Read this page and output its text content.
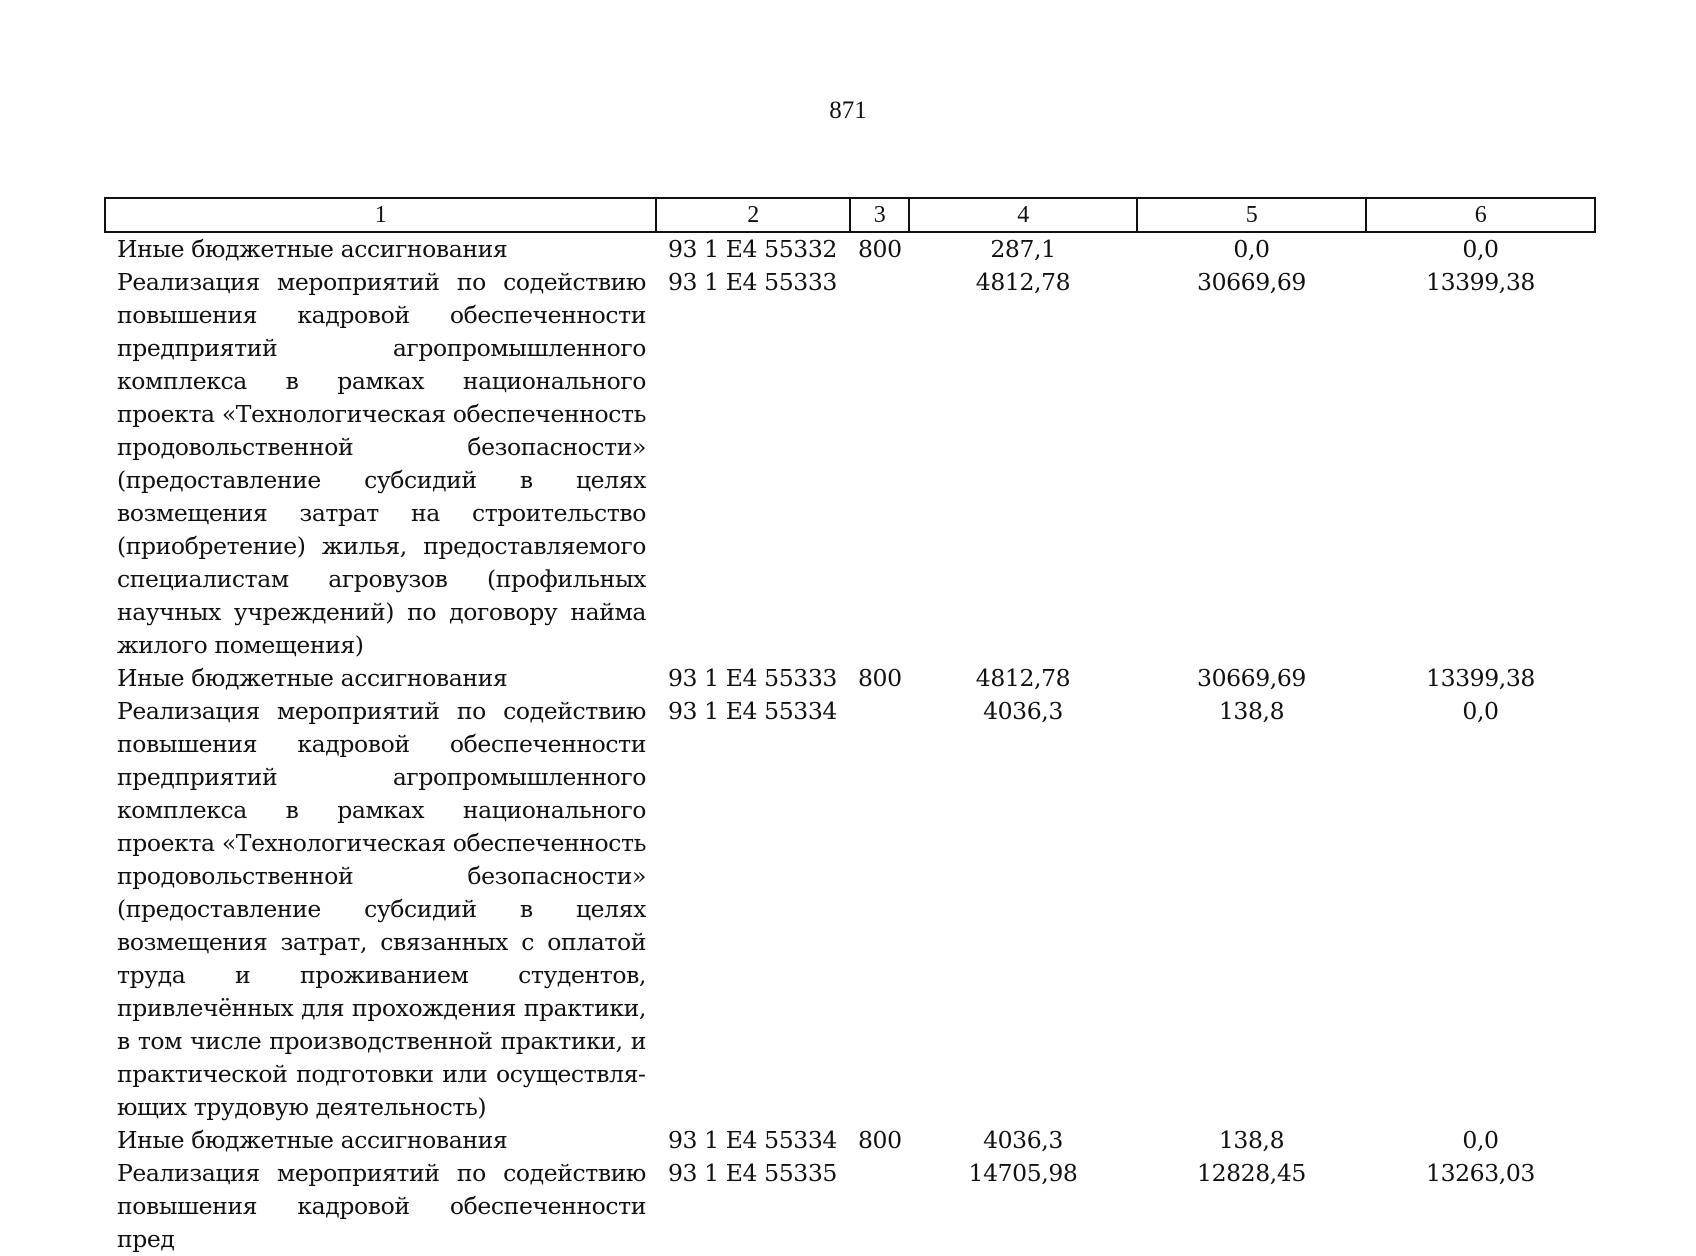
871
1	2	3	4	5	6
Иные бюджетные ассигнования	93 1 E4 55332	800	287,1	0,0	0,0
Реализация мероприятий по содействию повышения кадровой обеспеченности предприятий агропромышленного комплекса в рамках национального проекта «Технологическая обеспеченность продовольственной безопасности» (предоставление субсидий в целях возмещения затрат на строительство (приобретение) жилья, предоставляемого специалистам агровузов (профильных научных учреждений) по договору найма жилого помещения)	93 1 E4 55333		4812,78	30669,69	13399,38
Иные бюджетные ассигнования	93 1 E4 55333	800	4812,78	30669,69	13399,38
Реализация мероприятий по содействию повышения кадровой обеспеченности предприятий агропромышленного комплекса в рамках национального проекта «Технологическая обеспеченность продовольственной безопасности» (предоставление субсидий в целях возмещения затрат, связанных с оплатой труда и проживанием студентов, привлечённых для прохождения практики, в том числе производственной практики, и практической подготовки или осуществляющих трудовую деятельность)	93 1 E4 55334		4036,3	138,8	0,0
Иные бюджетные ассигнования	93 1 E4 55334	800	4036,3	138,8	0,0
Реализация мероприятий по содействию повышения кадровой обеспеченности пред	93 1 E4 55335		14705,98	12828,45	13263,03
